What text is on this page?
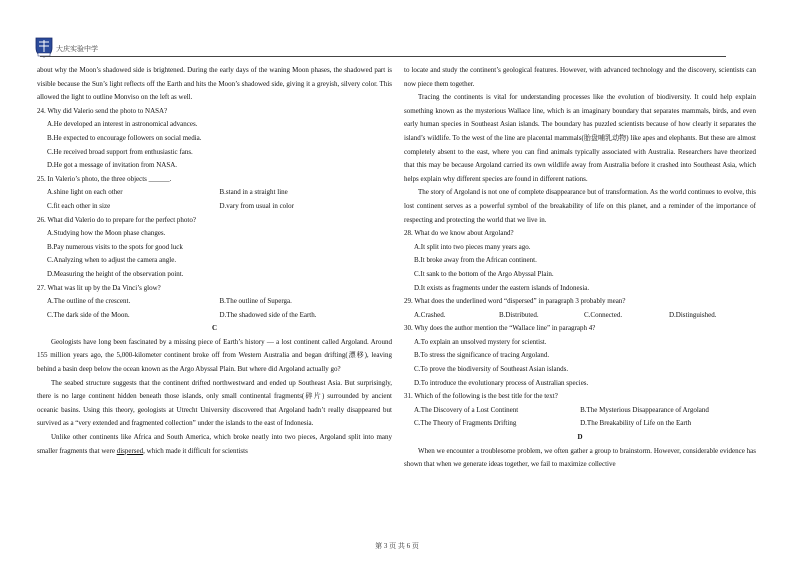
大庆实验中学

about why the Moon’s shadowed side is brightened. During the early days of the waning Moon phases, the shadowed part is visible because the Sun’s light reflects off the Earth and hits the Moon’s shadowed side, giving it a greyish, silvery color. This allowed the light to outline Monviso on the left as well.

24. Why did Valerio send the photo to NASA?
A.He developed an interest in astronomical advances.
B.He expected to encourage followers on social media.
C.He received broad support from enthusiastic fans.
D.He got a message of invitation from NASA.
25. In Valerio’s photo, the three objects ______.
A.shine light on each other	B.stand in a straight line
C.fit each other in size	D.vary from usual in color
26. What did Valerio do to prepare for the perfect photo?
A.Studying how the Moon phase changes.
B.Pay numerous visits to the spots for good luck
C.Analyzing when to adjust the camera angle.
D.Measuring the height of the observation point.
27. What was lit up by the Da Vinci’s glow?
A.The outline of the crescent.	B.The outline of Superga.
C.The dark side of the Moon.	D.The shadowed side of the Earth.
C

Geologists have long been fascinated by a missing piece of Earth’s history — a lost continent called Argoland. Around 155 million years ago, the 5,000-kilometer continent broke off from Western Australia and began drifting(漂移), leaving behind a basin deep below the ocean known as the Argo Abyssal Plain. But where did Argoland actually go?

The seabed structure suggests that the continent drifted northwestward and ended up Southeast Asia. But surprisingly, there is no large continent hidden beneath those islands, only small continental fragments(碎片) surrounded by ancient oceanic basins. Using this theory, geologists at Utrecht University discovered that Argoland hadn’t really disappeared but survived as a “very extended and fragmented collection” under the islands to the east of Indonesia.

Unlike other continents like Africa and South America, which broke neatly into two pieces, Argoland split into many smaller fragments that were dispersed, which made it difficult for scientists

to locate and study the continent’s geological features. However, with advanced technology and the discovery, scientists can now piece them together.

Tracing the continents is vital for understanding processes like the evolution of biodiversity. It could help explain something known as the mysterious Wallace line, which is an imaginary boundary that separates mammals, birds, and even early human species in Southeast Asian islands. The boundary has puzzled scientists because of how clearly it separates the island’s wildlife. To the west of the line are placental mammals(胎盘哺乳动物) like apes and elephants. But these are almost completely absent to the east, where you can find animals typically associated with Australia. Researchers have theorized that this may be because Argoland carried its own wildlife away from Australia before it crashed into Southeast Asia, which helps explain why different species are found in different nations.

The story of Argoland is not one of complete disappearance but of transformation. As the world continues to evolve, this lost continent serves as a powerful symbol of the breakability of life on this planet, and a reminder of the importance of respecting and protecting the world that we live in.

28. What do we know about Argoland?
A.It split into two pieces many years ago.
B.It broke away from the African continent.
C.It sank to the bottom of the Argo Abyssal Plain.
D.It exists as fragments under the eastern islands of Indonesia.
29. What does the underlined word “dispersed” in paragraph 3 probably mean?
A.Crashed.	B.Distributed.	C.Connected.	D.Distinguished.
30. Why does the author mention the “Wallace line” in paragraph 4?
A.To explain an unsolved mystery for scientist.
B.To stress the significance of tracing Argoland.
C.To prove the biodiversity of Southeast Asian islands.
D.To introduce the evolutionary process of Australian species.
31. Which of the following is the best title for the text?
A.The Discovery of a Lost Continent	B.The Mysterious Disappearance of Argoland
C.The Theory of Fragments Drifting	D.The Breakability of Life on the Earth
D

When we encounter a troublesome problem, we often gather a group to brainstorm. However, considerable evidence has shown that when we generate ideas together, we fail to maximize collective

第 3 页 共 6 页
